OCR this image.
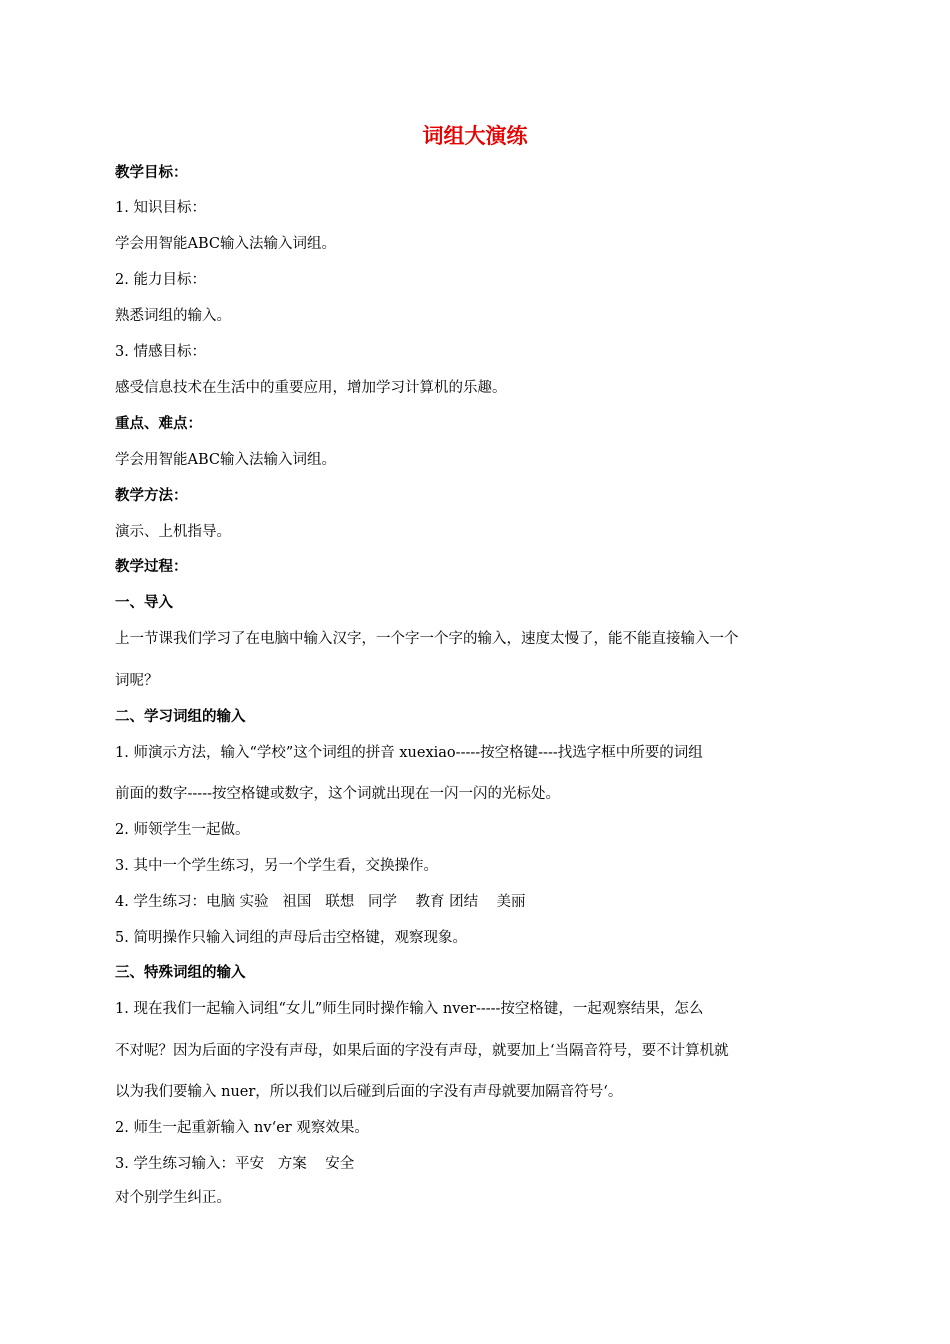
词组大演练
教学目标：
1. 知识目标：
学会用智能ABC输入法输入词组。
2. 能力目标：
熟悉词组的输入。
3. 情感目标：
感受信息技术在生活中的重要应用，增加学习计算机的乐趣。
重点、难点：
学会用智能ABC输入法输入词组。
教学方法：
演示、上机指导。
教学过程：
一、导入
上一节课我们学习了在电脑中输入汉字，一个字一个字的输入，速度太慢了，能不能直接输入一个
词呢？
二、学习词组的输入
1. 师演示方法，输入“学校”这个词组的拼音 xuexiao-----按空格键----找选字框中所要的词组
前面的数字-----按空格键或数字，这个词就出现在一闪一闪的光标处。
2. 师领学生一起做。
3. 其中一个学生练习，另一个学生看，交换操作。
4. 学生练习：电脑 实验   祖国   联想   同学    教育 团结    美丽
5. 简明操作只输入词组的声母后击空格键，观察现象。
三、特殊词组的输入
1. 现在我们一起输入词组“女儿”师生同时操作输入 nver-----按空格键，一起观察结果，怎么
不对呢？因为后面的字没有声母，如果后面的字没有声母，就要加上‘当隔音符号，要不计算机就
以为我们要输入 nuer，所以我们以后碰到后面的字没有声母就要加隔音符号‘。
2. 师生一起重新输入 nv‘er 观察效果。
3. 学生练习输入：平安   方案    安全
对个别学生纠正。
